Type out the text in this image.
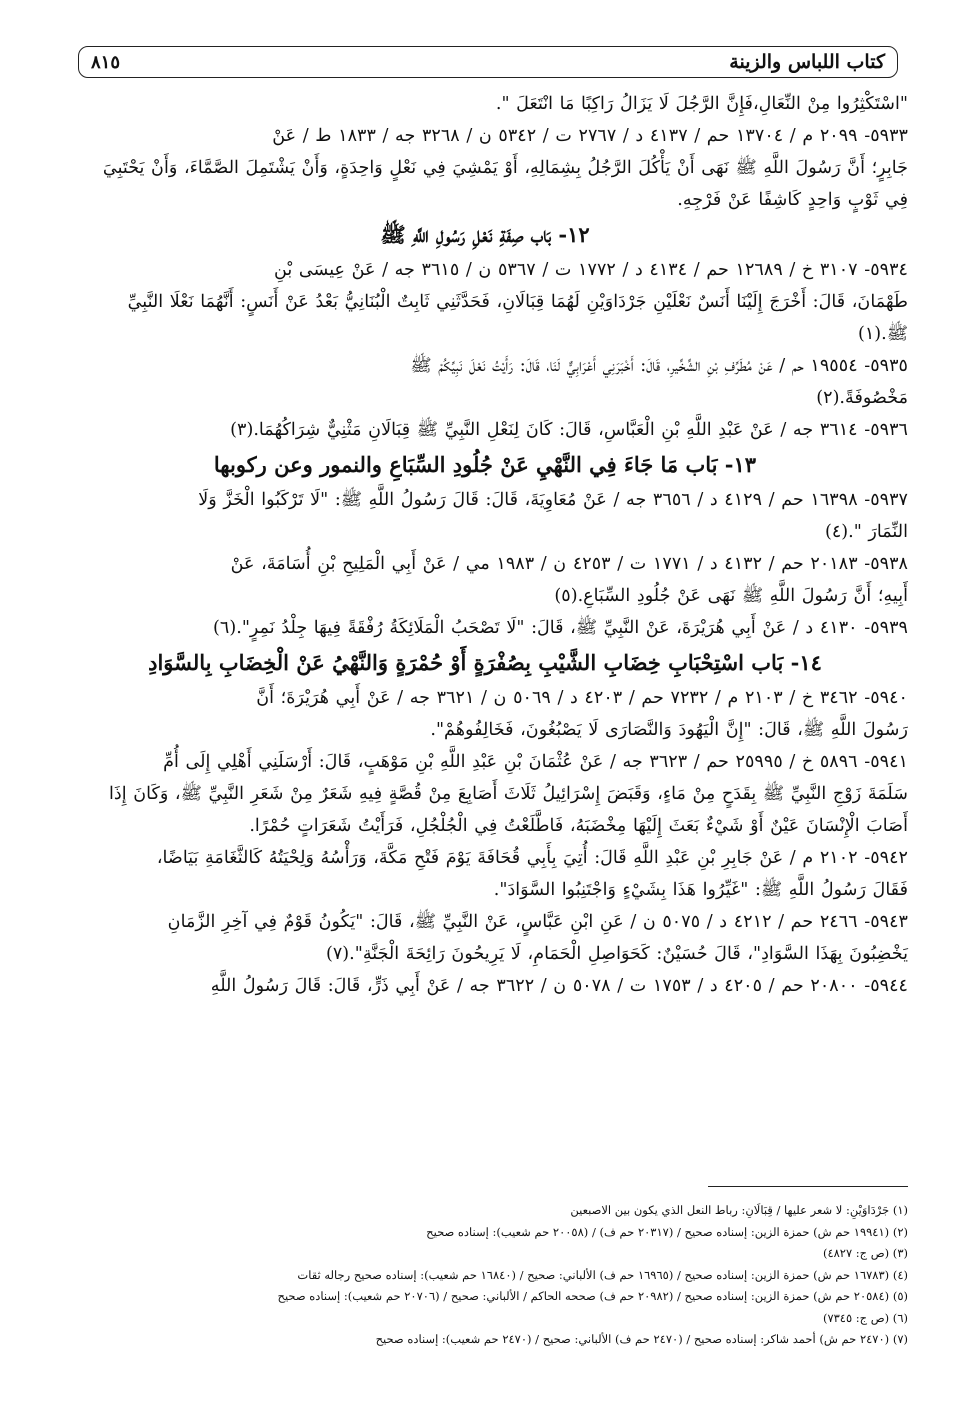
كتاب اللباس والزينة
٨١٥

"اسْتَكْثِرُوا مِنْ النِّعَالِ،فَإِنَّ الرَّجُلَ لَا يَزَالُ رَاكِبًا مَا انْتَعَلَ ".

٥٩٣٣- ٢٠٩٩ م / ١٣٧٠٤ حم / ٤١٣٧ د / ٢٧٦٧ ت / ٥٣٤٢ ن / ٣٢٦٨ جه / ١٨٣٣ ط / عَنْ

جَابِرٍ؛ أَنَّ رَسُولَ اللَّهِ ﷺ نَهَى أَنْ يَأْكُلَ الرَّجُلُ بِشِمَالِهِ، أَوْ يَمْشِيَ فِي نَعْلٍ وَاحِدَةٍ، وَأَنْ يَشْتَمِلَ الصَّمَّاءَ، وَأَنْ يَحْتَبِيَ

فِي ثَوْبٍ وَاحِدٍ كَاشِفًا عَنْ فَرْجِهِ.

١٢- بَاب صِفَةِ نَعْلِ رَسُولِ اللَّهِ ﷺ

٥٩٣٤- ٣١٠٧ خ / ١٢٦٨٩ حم / ٤١٣٤ د / ١٧٧٢ ت / ٥٣٦٧ ن / ٣٦١٥ جه / عَنْ عِيسَى بْنِ

طَهْمَانَ، قَالَ: أَخْرَجَ إِلَيْنَا أَنَسٌ نَعْلَيْنِ جَرْدَاوَيْنِ لَهُمَا قِبَالَانِ، فَحَدَّثَنِي ثَابِتٌ الْبُنَانِيُّ بَعْدُ عَنْ أَنَسٍ: أَنَّهُمَا نَعْلَا النَّبِيِّ

ﷺ.(١)

٥٩٣٥- ١٩٥٥٤ حم / عَنْ مُطَرِّفِ بْنِ الشِّخِّيرِ، قَالَ: أَخْبَرَنِي أَعْرَابِيٌّ لَنَا، قَالَ: رَأَيْتُ نَعْلَ نَبِيِّكُمْ ﷺ

مَخْصُوفَةً.(٢)

٥٩٣٦- ٣٦١٤ جه / عَنْ عَبْدِ اللَّهِ بْنِ الْعَبَّاسِ، قَالَ: كَانَ لِنَعْلِ النَّبِيِّ ﷺ قِبَالَانِ مَثْنِيٌّ شِرَاكُهُمَا.(٣)

١٣- بَاب مَا جَاءَ فِي النَّهْيِ عَنْ جُلُودِ السِّبَاعِ والنمور وعن ركوبها

٥٩٣٧- ١٦٣٩٨ حم / ٤١٢٩ د / ٣٦٥٦ جه / عَنْ مُعَاوِيَةَ، قَالَ: قَالَ رَسُولُ اللَّهِ ﷺ: "لَا تَرْكَبُوا الْخَزَّ وَلَا

النِّمَارَ ".(٤)

٥٩٣٨- ٢٠١٨٣ حم / ٤١٣٢ د / ١٧٧١ ت / ٤٢٥٣ ن / ١٩٨٣ مي / عَنْ أَبِي الْمَلِيحِ بْنِ أُسَامَةَ، عَنْ

أَبِيهِ؛ أَنَّ رَسُولَ اللَّهِ ﷺ نَهَى عَنْ جُلُودِ السِّبَاعِ.(٥)

٥٩٣٩- ٤١٣٠ د / عَنْ أَبِي هُرَيْرَةَ، عَنْ النَّبِيِّ ﷺ، قَالَ: "لَا تَصْحَبُ الْمَلَائِكَةُ رُفْقَةً فِيهَا جِلْدُ نَمِرٍ".(٦)

١٤- بَاب اسْتِحْبَابِ خِضَابِ الشَّيْبِ بِصُفْرَةٍ أَوْ حُمْرَةٍ وَالنَّهْيُ عَنْ الْخِضَابِ بِالسَّوَادِ

٥٩٤٠- ٣٤٦٢ خ / ٢١٠٣ م / ٧٢٣٢ حم / ٤٢٠٣ د / ٥٠٦٩ ن / ٣٦٢١ جه / عَنْ أَبِي هُرَيْرَةَ؛ أَنَّ

رَسُولَ اللَّهِ ﷺ، قَالَ: "إِنَّ الْيَهُودَ وَالنَّصَارَى لَا يَصْبُغُونَ، فَخَالِفُوهُمْ".

٥٩٤١- ٥٨٩٦ خ / ٢٥٩٩٥ حم / ٣٦٢٣ جه / عَنْ عُثْمَانَ بْنِ عَبْدِ اللَّهِ بْنِ مَوْهَبٍ، قَالَ: أَرْسَلَنِي أَهْلِي إِلَى أُمِّ

سَلَمَةَ زَوْجِ النَّبِيِّ ﷺ بِقَدَحٍ مِنْ مَاءٍ، وَقَبَضَ إِسْرَائِيلُ ثَلَاثَ أَصَابِعَ مِنْ قُصَّةٍ فِيهِ شَعَرٌ مِنْ شَعَرِ النَّبِيِّ ﷺ، وَكَانَ إِذَا

أَصَابَ الْإِنْسَانَ عَيْنٌ أَوْ شَيْءٌ بَعَثَ إِلَيْهَا مِخْضَبَهُ، فَاطَّلَعْتُ فِي الْجُلْجُلِ، فَرَأَيْتُ شَعَرَاتٍ حُمْرًا.

٥٩٤٢- ٢١٠٢ م / عَنْ جَابِرِ بْنِ عَبْدِ اللَّهِ قَالَ: أُتِيَ بِأَبِي قُحَافَةَ يَوْمَ فَتْحِ مَكَّةَ، وَرَأْسُهُ وَلِحْيَتُهُ كَالثَّغَامَةِ بَيَاضًا،

فَقَالَ رَسُولُ اللَّهِ ﷺ: "غَيِّرُوا هَذَا بِشَيْءٍ وَاجْتَنِبُوا السَّوَادَ".

٥٩٤٣- ٢٤٦٦ حم / ٤٢١٢ د / ٥٠٧٥ ن / عَنِ ابْنِ عَبَّاسٍ، عَنْ النَّبِيِّ ﷺ، قَالَ: "يَكُونُ قَوْمٌ فِي آخِرِ الزَّمَانِ

يَخْضِبُونَ بِهَذَا السَّوَادِ"، قَالَ حُسَيْنٌ: كَحَوَاصِلِ الْحَمَامِ، لَا يَرِيحُونَ رَائِحَةَ الْجَنَّةِ".(٧)

٥٩٤٤- ٢٠٨٠٠ حم / ٤٢٠٥ د / ١٧٥٣ ت / ٥٠٧٨ ن / ٣٦٢٢ جه / عَنْ أَبِي ذَرٍّ، قَالَ: قَالَ رَسُولُ اللَّهِ

(١) جَرْدَاوَيْنِ: لا شعر عليها / قِبَالَانِ: رباط النعل الذي يكون بين الاصبعين
(٢) (١٩٩٤١ حم ش) حمزة الزين: إسناده صحيح / (٢٠٣١٧ حم ف) / (٢٠٠٥٨ حم شعيب): إسناده صحيح
(٣) (ص ج: ٤٨٢٧)
(٤) (١٦٧٨٣ حم ش) حمزة الزين: إسناده صحيح / (١٦٩٦٥ حم ف) الألباني: صحيح / (١٦٨٤٠ حم شعيب): إسناده صحيح رجاله ثقات
(٥) (٢٠٥٨٤ حم ش) حمزة الزين: إسناده صحيح / (٢٠٩٨٢ حم ف) صححه الحاكم / الألباني: صحيح / (٢٠٧٠٦ حم شعيب): إسناده صحيح
(٦) (ص ج: ٧٣٤٥)
(٧) (٢٤٧٠ حم ش) أحمد شاكر: إسناده صحيح / (٢٤٧٠ حم ف) الألباني: صحيح / (٢٤٧٠ حم شعيب): إسناده صحيح
